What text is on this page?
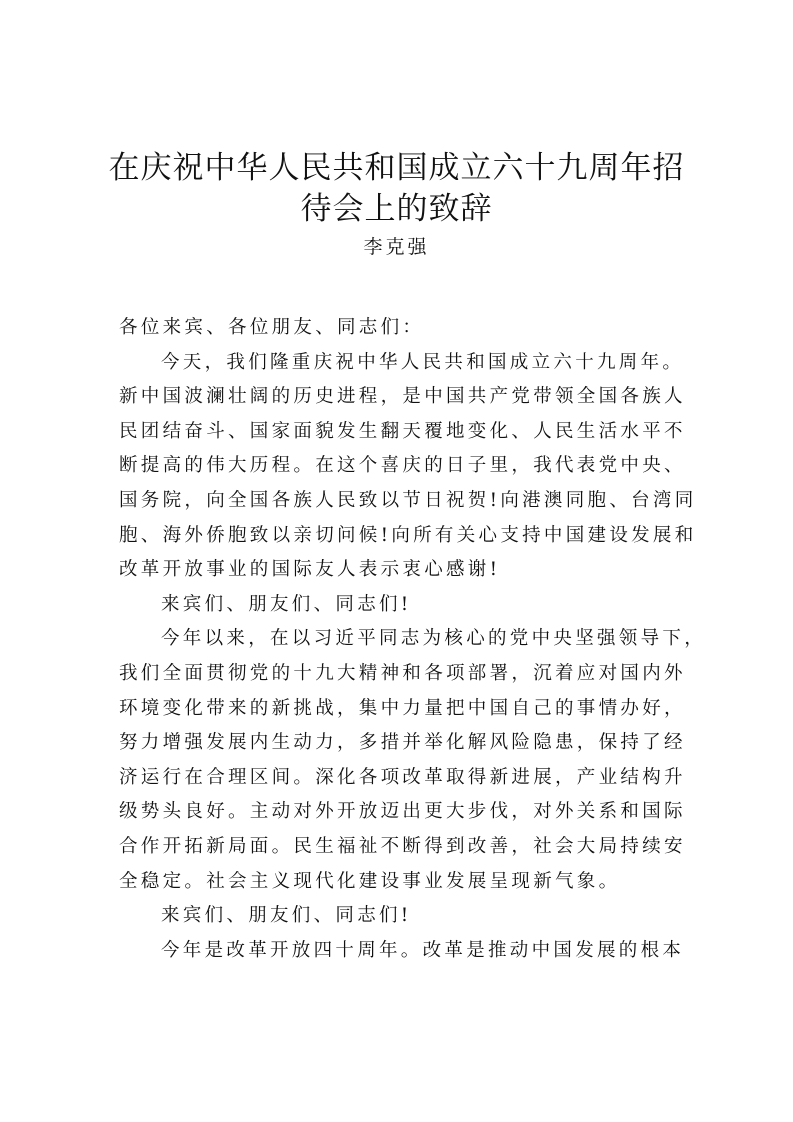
在庆祝中华人民共和国成立六十九周年招
待会上的致辞
李克强
各位来宾、各位朋友、同志们：
今天，我们隆重庆祝中华人民共和国成立六十九周年。
新中国波澜壮阔的历史进程，是中国共产党带领全国各族人
民团结奋斗、国家面貌发生翻天覆地变化、人民生活水平不
断提高的伟大历程。在这个喜庆的日子里，我代表党中央、
国务院，向全国各族人民致以节日祝贺!向港澳同胞、台湾同
胞、海外侨胞致以亲切问候!向所有关心支持中国建设发展和
改革开放事业的国际友人表示衷心感谢!
来宾们、朋友们、同志们!
今年以来，在以习近平同志为核心的党中央坚强领导下，
我们全面贯彻党的十九大精神和各项部署，沉着应对国内外
环境变化带来的新挑战，集中力量把中国自己的事情办好，
努力增强发展内生动力，多措并举化解风险隐患，保持了经
济运行在合理区间。深化各项改革取得新进展，产业结构升
级势头良好。主动对外开放迈出更大步伐，对外关系和国际
合作开拓新局面。民生福祉不断得到改善，社会大局持续安
全稳定。社会主义现代化建设事业发展呈现新气象。
来宾们、朋友们、同志们!
今年是改革开放四十周年。改革是推动中国发展的根本
